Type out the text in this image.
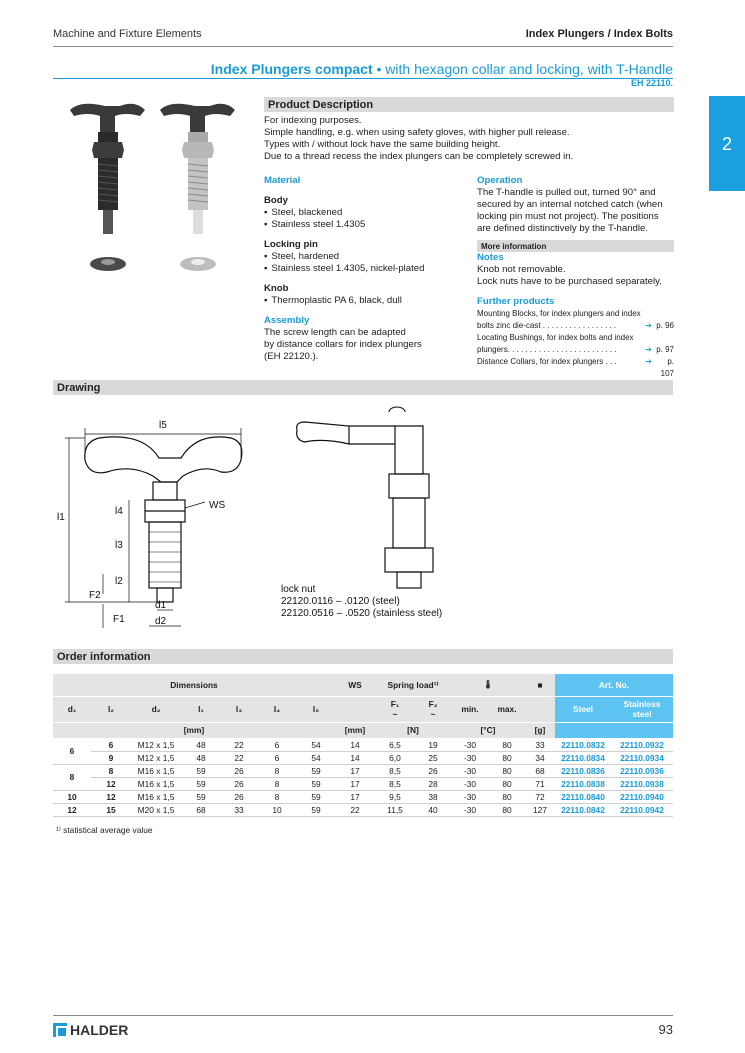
Machine and Fixture Elements	Index Plungers / Index Bolts
Index Plungers compact • with hexagon collar and locking, with T-Handle
EH 22110.
2
Product Description
For indexing purposes.
Simple handling, e.g. when using safety gloves, with higher pull release.
Types with / without lock have the same building height.
Due to a thread recess the index plungers can be completely screwed in.
Material
Body
▪ Steel, blackened
▪ Stainless steel 1.4305
Locking pin
▪ Steel, hardened
▪ Stainless steel 1.4305, nickel-plated
Knob
▪ Thermoplastic PA 6, black, dull
Assembly
The screw length can be adapted
by distance collars for index plungers
(EH 22120.).
Operation
The T-handle is pulled out, turned 90° and
secured by an internal notched catch (when
locking pin must not project). The positions
are defined distinctively by the T-handle.
More information
Notes
Knob not removable.
Lock nuts have to be purchased separately.
Further products
Mounting Blocks, for index plungers and index
bolts zinc die-cast . . . . . . . . . . . . . . . . .	➔ p. 96
Locating Bushings, for index bolts and index
plungers. . . . . . . . . . . . . . . . . . . . . . . . .	➔ p. 97
Distance Collars, for index plungers . . .	➔	p. 107
Drawing
l5
l1
l4
l3
l2
F2
F1
d1
d2
WS
lock nut
22120.0116 – .0120 (steel)
22120.0516 – .0520 (stainless steel)
Order information
Dimensions							WS	Spring load¹⁾		🌡		■	Art. No.	
d₁	l₂	d₂	l₁	l₃	l₄	l₅		F₁
~	F₂
~	min.	max.		Steel	Stainless steel
[mm]							[mm]	[N]		[°C]		[g]		
6	6	M12 x 1,5	48	22	6	54	14	6,5	19	-30	80	33	22110.0832	22110.0932
	9	M12 x 1,5	48	22	6	54	14	6,0	25	-30	80	34	22110.0834	22110.0934
8	8	M16 x 1,5	59	26	8	59	17	8,5	26	-30	80	68	22110.0836	22110.0936
	12	M16 x 1,5	59	26	8	59	17	8,5	28	-30	80	71	22110.0838	22110.0938
10	12	M16 x 1,5	59	26	8	59	17	9,5	38	-30	80	72	22110.0840	22110.0940
12	15	M20 x 1,5	68	33	10	59	22	11,5	40	-30	80	127	22110.0842	22110.0942
¹⁾ statistical average value
HALDER	93
